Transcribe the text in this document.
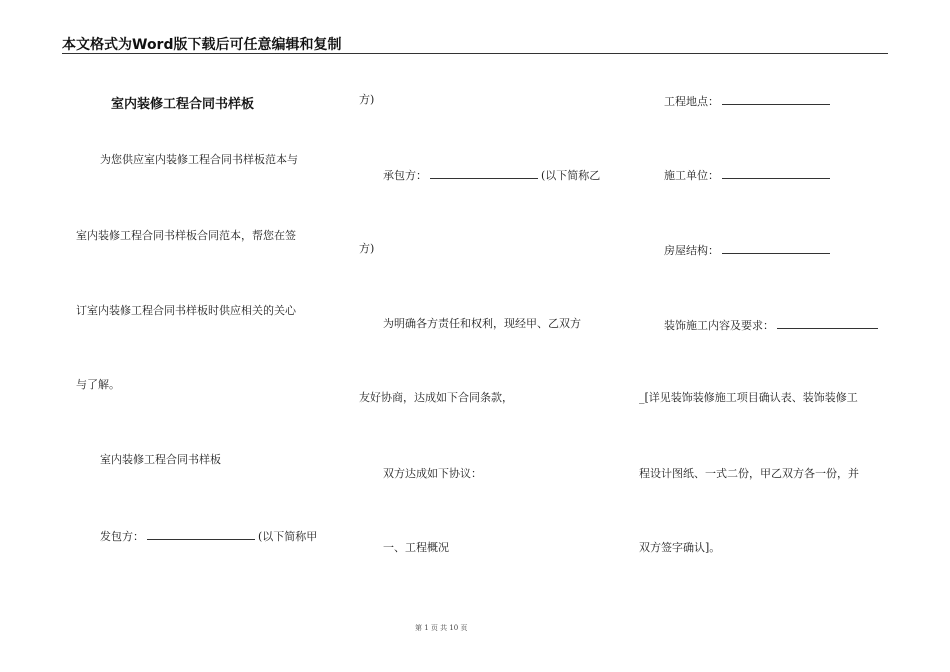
本文格式为Word版下载后可任意编辑和复制
室内装修工程合同书样板
为您供应室内装修工程合同书样板范本与
室内装修工程合同书样板合同范本，帮您在签
订室内装修工程合同书样板时供应相关的关心
与了解。
室内装修工程合同书样板
发包方：	(以下简称甲
方)
承包方：	(以下简称乙
方)
为明确各方责任和权利，现经甲、乙双方
友好协商，达成如下合同条款，
双方达成如下协议：
一、工程概况
工程地点：
施工单位：
房屋结构：
装饰施工内容及要求：
_[详见装饰装修施工项目确认表、装饰装修工
程设计图纸、一式二份，甲乙双方各一份，并
双方签字确认]。
第 1 页 共 10 页
